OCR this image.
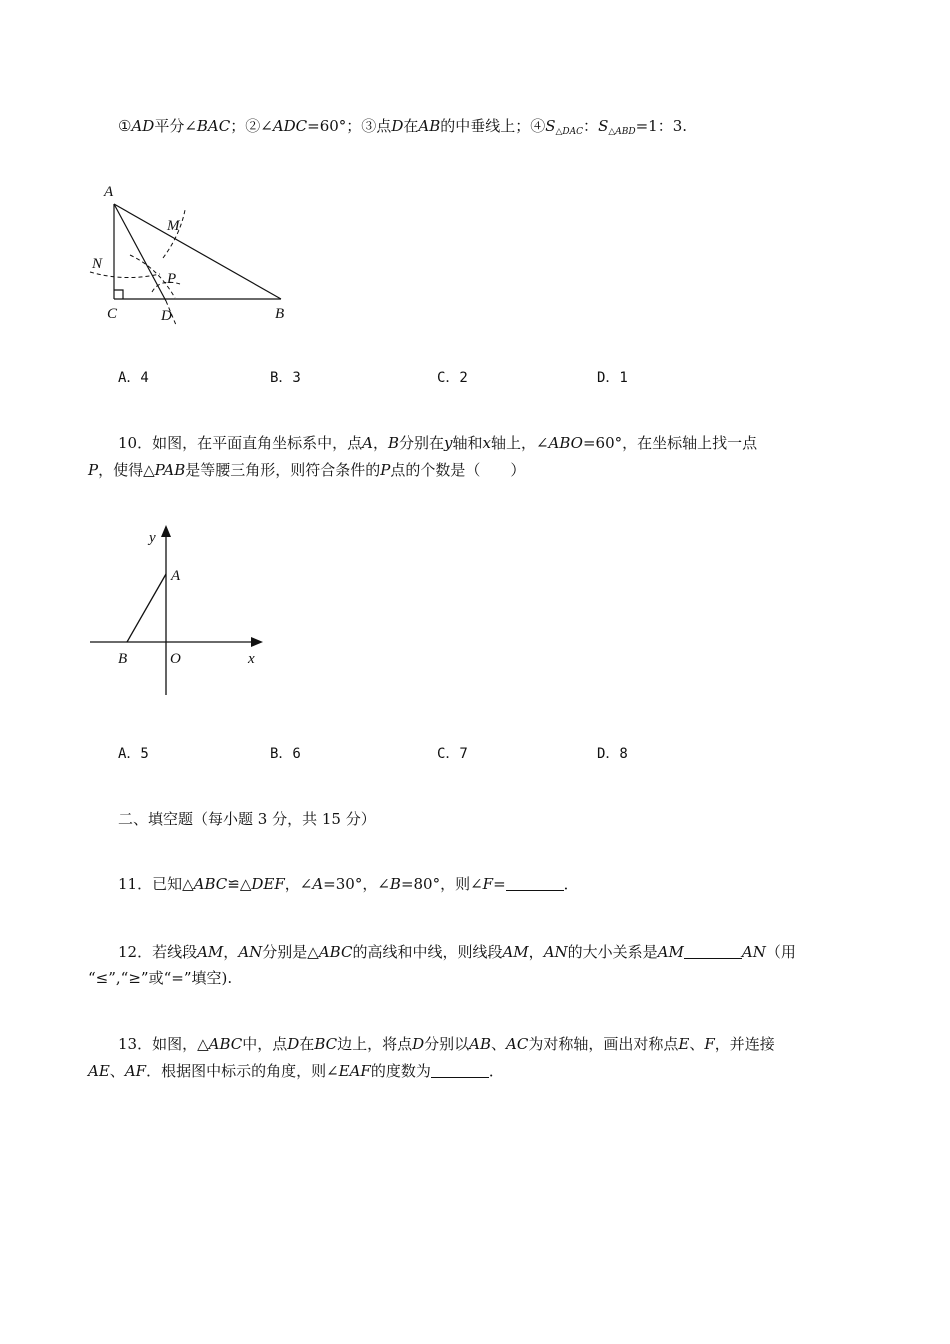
①AD平分∠BAC；②∠ADC=60°；③点D在AB的中垂线上；$④S_{\triangle DAC}$：$S_{\triangle ABD}=1$：3.
A
M
N
P
C	D	B
A．4	B．3	C．2	D．1
10．如图，在平面直角坐标系中，点A，B分别在y轴和x轴上，∠ABO=60°，在坐标轴上找一点
P，使得△PAB是等腰三角形，则符合条件的P点的个数是（　　）
y
A
B	O	x
A．5	B．6	C．7	D．8
二、填空题（每小题 3 分，共 15 分）
11．已知△ABC≌△DEF，∠A=30°，∠B=80°，则∠F=	．
12．若线段AM，AN分别是△ABC的高线和中线，则线段AM，AN的大小关系是AM	AN（用
“≤”,“≥”或“=”填空).
13．如图，△ABC中，点D在BC边上，将点D分别以AB、AC为对称轴，画出对称点E、F，并连接
AE、AF．根据图中标示的角度，则∠EAF的度数为	．
